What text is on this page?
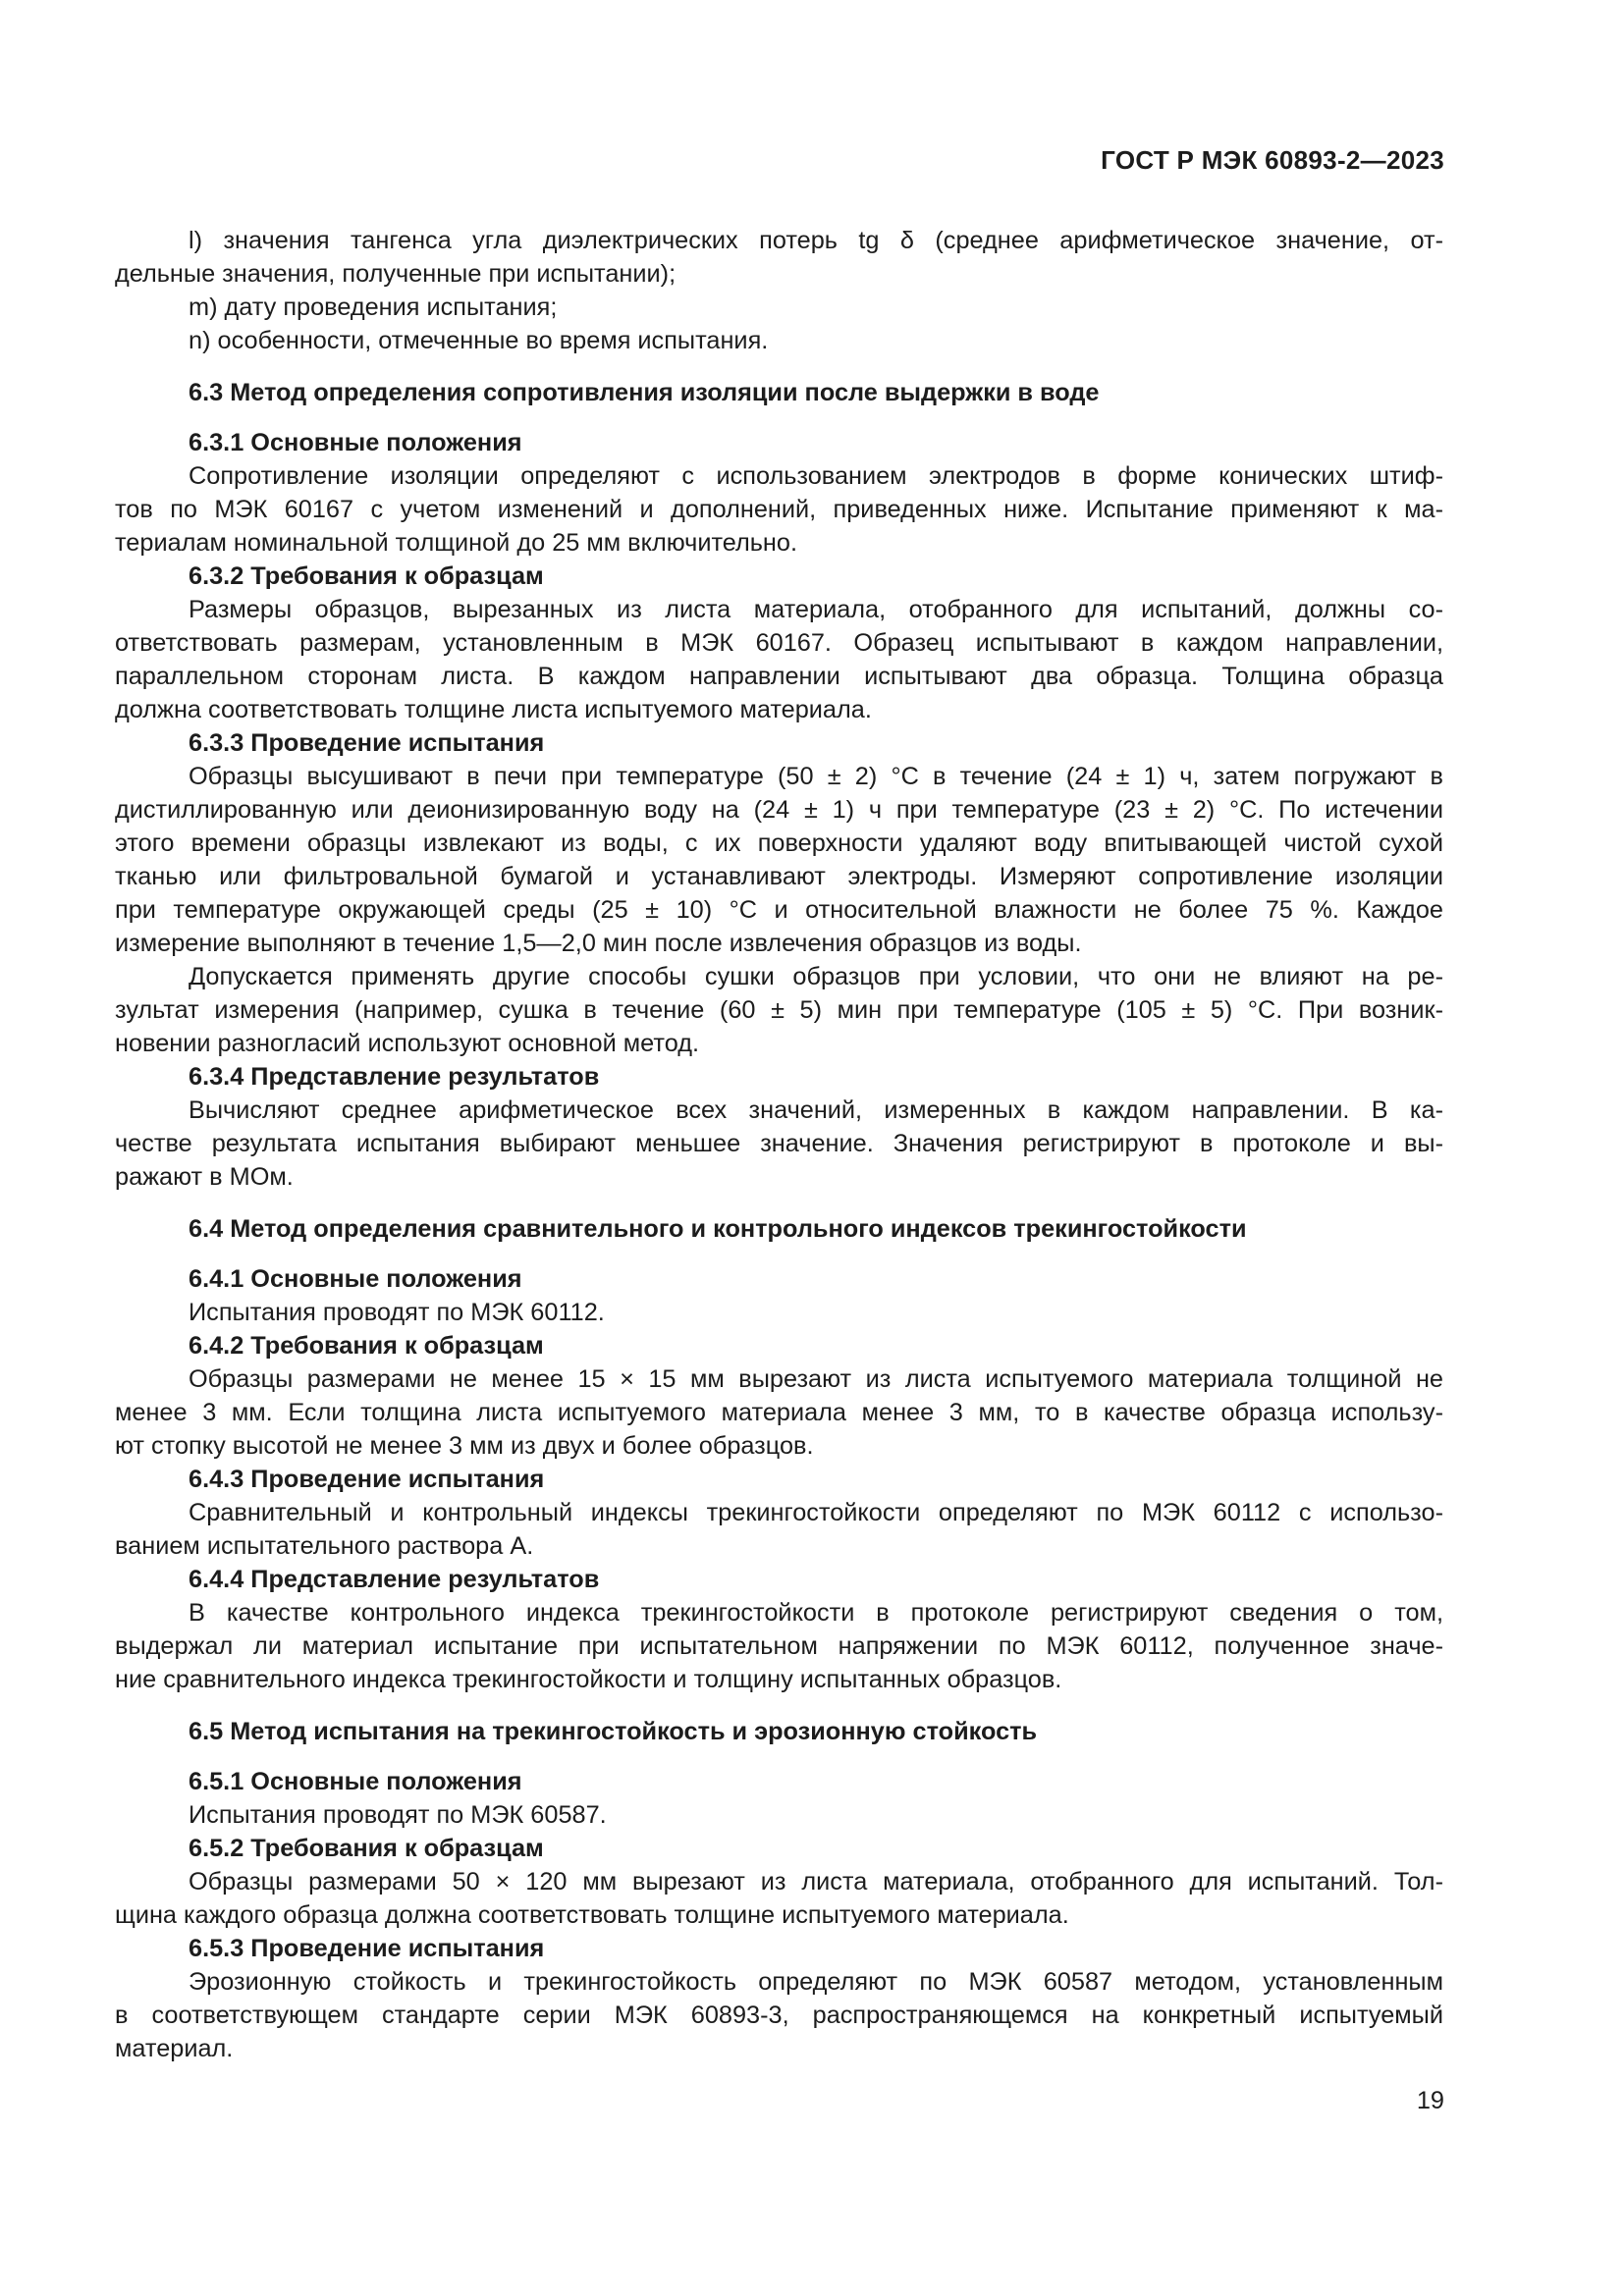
ГОСТ Р МЭК 60893-2—2023
l) значения тангенса угла диэлектрических потерь tg δ (среднее арифметическое значение, от-
дельные значения, полученные при испытании);
m) дату проведения испытания;
n) особенности, отмеченные во время испытания.
6.3 Метод определения сопротивления изоляции после выдержки в воде
6.3.1 Основные положения
Сопротивление изоляции определяют с использованием электродов в форме конических штиф-
тов по МЭК 60167 с учетом изменений и дополнений, приведенных ниже. Испытание применяют к ма-
териалам номинальной толщиной до 25 мм включительно.
6.3.2 Требования к образцам
Размеры образцов, вырезанных из листа материала, отобранного для испытаний, должны со-
ответствовать размерам, установленным в МЭК 60167. Образец испытывают в каждом направлении,
параллельном сторонам листа. В каждом направлении испытывают два образца. Толщина образца
должна соответствовать толщине листа испытуемого материала.
6.3.3 Проведение испытания
Образцы высушивают в печи при температуре (50 ± 2) °С в течение (24 ± 1) ч, затем погружают в
дистиллированную или деионизированную воду на (24 ± 1) ч при температуре (23 ± 2) °С. По истечении
этого времени образцы извлекают из воды, с их поверхности удаляют воду впитывающей чистой сухой
тканью или фильтровальной бумагой и устанавливают электроды. Измеряют сопротивление изоляции
при температуре окружающей среды (25 ± 10) °С и относительной влажности не более 75 %. Каждое
измерение выполняют в течение 1,5—2,0 мин после извлечения образцов из воды.
Допускается применять другие способы сушки образцов при условии, что они не влияют на ре-
зультат измерения (например, сушка в течение (60 ± 5) мин при температуре (105 ± 5) °С. При возник-
новении разногласий используют основной метод.
6.3.4 Представление результатов
Вычисляют среднее арифметическое всех значений, измеренных в каждом направлении. В ка-
честве результата испытания выбирают меньшее значение. Значения регистрируют в протоколе и вы-
ражают в МОм.
6.4 Метод определения сравнительного и контрольного индексов трекингостойкости
6.4.1 Основные положения
Испытания проводят по МЭК 60112.
6.4.2 Требования к образцам
Образцы размерами не менее 15 × 15 мм вырезают из листа испытуемого материала толщиной не
менее 3 мм. Если толщина листа испытуемого материала менее 3 мм, то в качестве образца использу-
ют стопку высотой не менее 3 мм из двух и более образцов.
6.4.3 Проведение испытания
Сравнительный и контрольный индексы трекингостойкости определяют по МЭК 60112 с использо-
ванием испытательного раствора А.
6.4.4 Представление результатов
В качестве контрольного индекса трекингостойкости в протоколе регистрируют сведения о том,
выдержал ли материал испытание при испытательном напряжении по МЭК 60112, полученное значе-
ние сравнительного индекса трекингостойкости и толщину испытанных образцов.
6.5 Метод испытания на трекингостойкость и эрозионную стойкость
6.5.1 Основные положения
Испытания проводят по МЭК 60587.
6.5.2 Требования к образцам
Образцы размерами 50 × 120 мм вырезают из листа материала, отобранного для испытаний. Тол-
щина каждого образца должна соответствовать толщине испытуемого материала.
6.5.3 Проведение испытания
Эрозионную стойкость и трекингостойкость определяют по МЭК 60587 методом, установленным
в соответствующем стандарте серии МЭК 60893-3, распространяющемся на конкретный испытуемый
материал.
19
